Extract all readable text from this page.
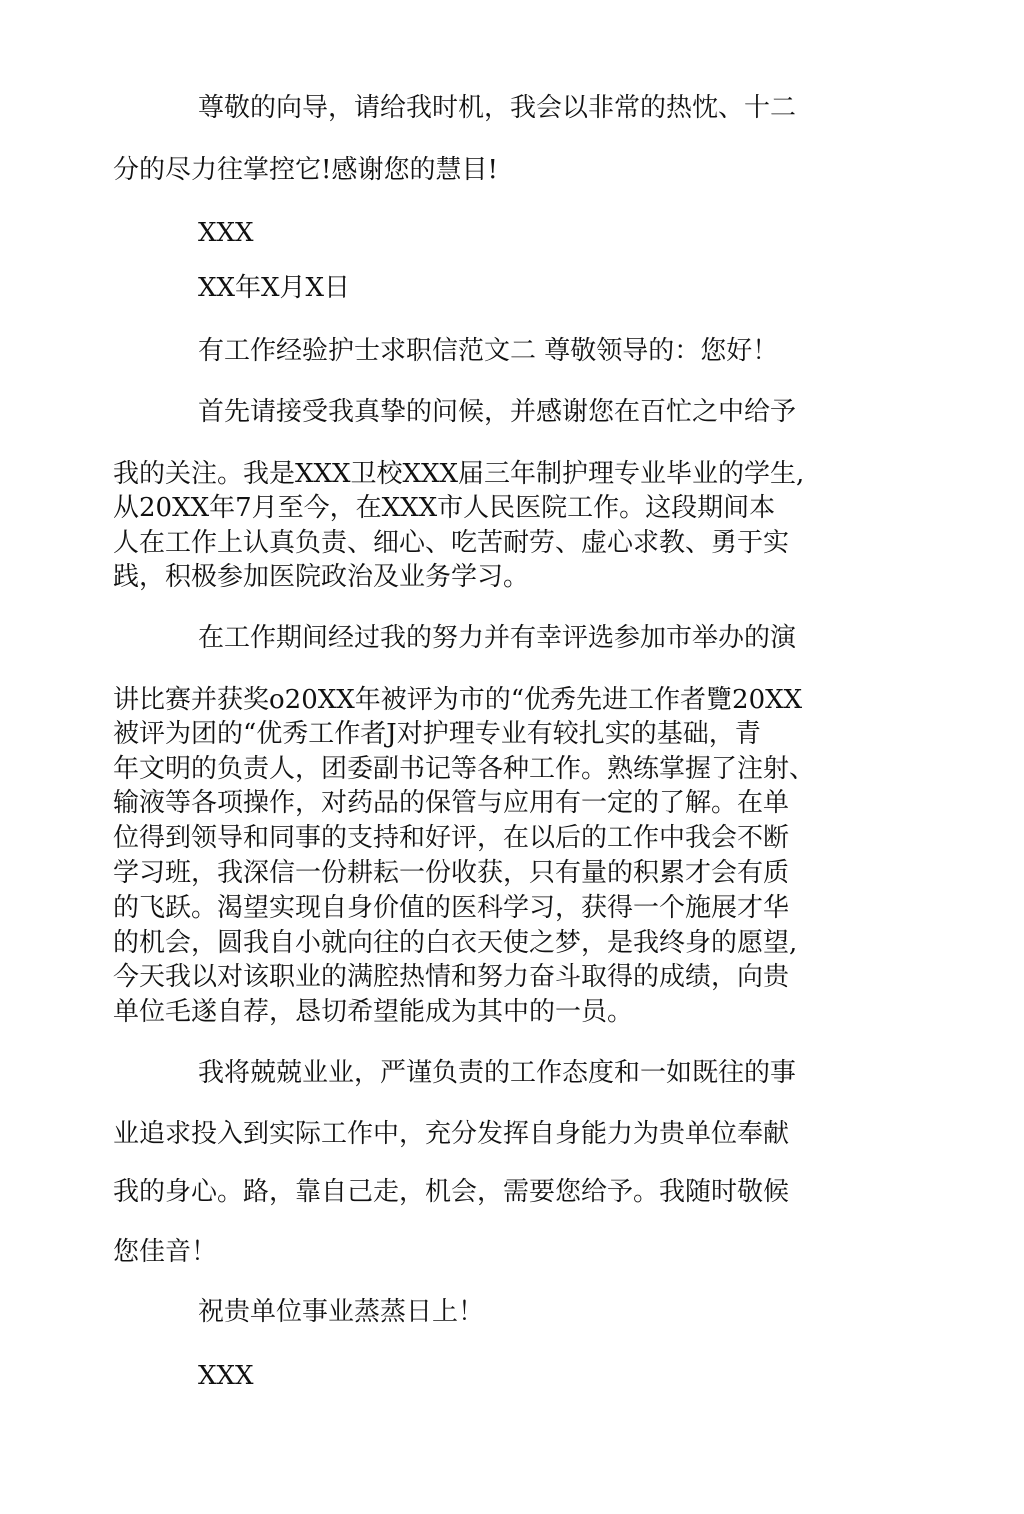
尊敬的向导，请给我时机，我会以非常的热忱、十二

分的尽力往掌控它!感谢您的慧目!

XXX

XX年X月X日

有工作经验护士求职信范文二 尊敬领导的：您好！

首先请接受我真挚的问候，并感谢您在百忙之中给予

我的关注。我是XXX卫校XXX届三年制护理专业毕业的学生,

从20XX年7月至今，在XXX市人民医院工作。这段期间本

人在工作上认真负责、细心、吃苦耐劳、虚心求教、勇于实

践，积极参加医院政治及业务学习。

在工作期间经过我的努力并有幸评选参加市举办的演

讲比赛并获奖o20XX年被评为市的“优秀先进工作者覽20XX

被评为团的“优秀工作者J对护理专业有较扎实的基础，青

年文明的负责人，团委副书记等各种工作。熟练掌握了注射、

输液等各项操作，对药品的保管与应用有一定的了解。在单

位得到领导和同事的支持和好评，在以后的工作中我会不断

学习班，我深信一份耕耘一份收获，只有量的积累才会有质

的飞跃。渴望实现自身价值的医科学习，获得一个施展才华

的机会，圆我自小就向往的白衣天使之梦，是我终身的愿望,

今天我以对该职业的满腔热情和努力奋斗取得的成绩，向贵

单位毛遂自荐，恳切希望能成为其中的一员。

我将兢兢业业，严谨负责的工作态度和一如既往的事

业追求投入到实际工作中，充分发挥自身能力为贵单位奉献

我的身心。路，靠自己走，机会，需要您给予。我随时敬候

您佳音！

祝贵单位事业蒸蒸日上！

XXX
